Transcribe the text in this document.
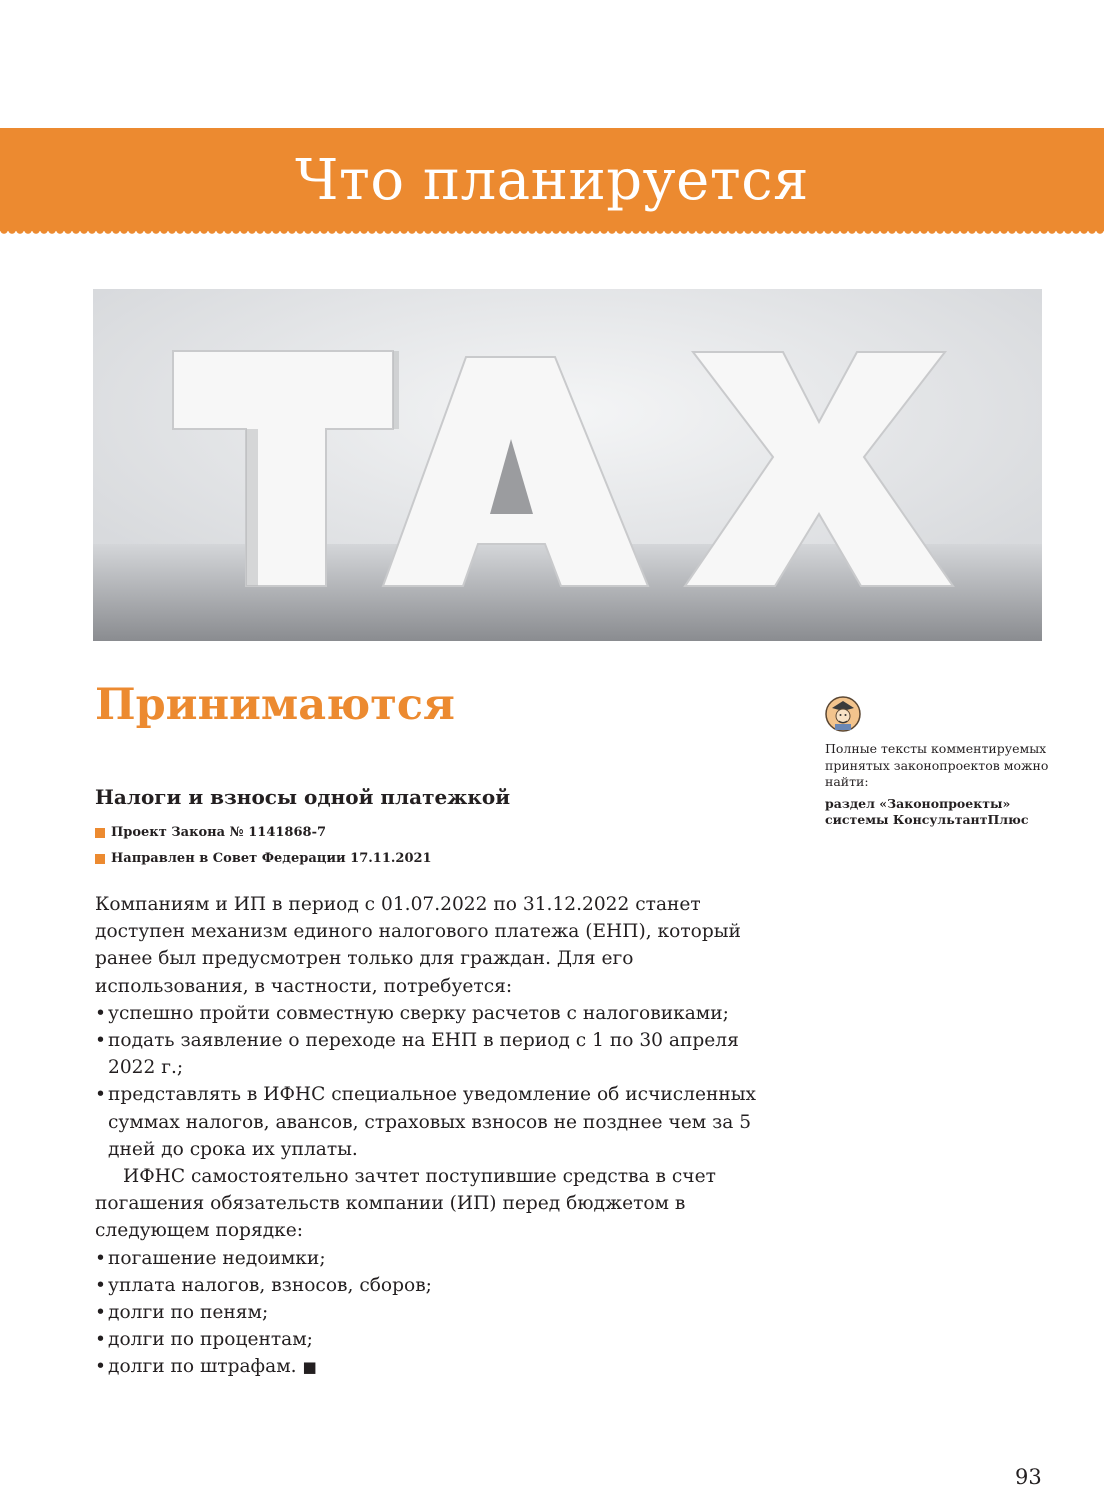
Что планируется
Принимаются
Налоги и взносы одной платежкой
Проект Закона № 1141868-7
Направлен в Совет Федерации 17.11.2021

Компаниям и ИП в период с 01.07.2022 по 31.12.2022 станет доступен механизм единого налогового платежа (ЕНП), который ранее был предусмотрен только для граждан. Для его использования, в частности, потребуется:

• успешно пройти совместную сверку расчетов с налоговиками;
• подать заявление о переходе на ЕНП в период с 1 по 30 апреля 2022 г.;
• представлять в ИФНС специальное уведомление об исчисленных суммах налогов, авансов, страховых взносов не позднее чем за 5 дней до срока их уплаты.

ИФНС самостоятельно зачтет поступившие средства в счет погашения обязательств компании (ИП) перед бюджетом в следующем порядке:

• погашение недоимки;
• уплата налогов, взносов, сборов;
• долги по пеням;
• долги по процентам;
• долги по штрафам. ■
Полные тексты комментируемых принятых законопроектов можно найти:
раздел «Законопроекты» системы КонсультантПлюс
93
